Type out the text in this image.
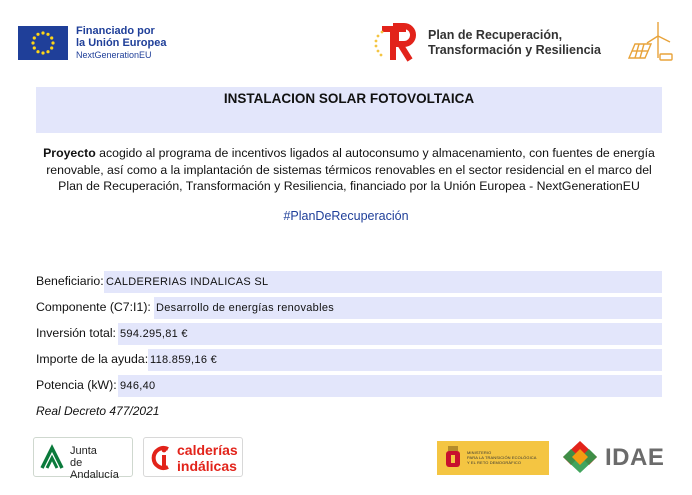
Financiado por
la Unión Europea
NextGenerationEU
Plan de Recuperación,
Transformación y Resiliencia
INSTALACION SOLAR FOTOVOLTAICA
Proyecto acogido al programa de incentivos ligados al autoconsumo y almacenamiento, con fuentes de energía
renovable, así como a la implantación de sistemas térmicos renovables en el sector residencial en el marco del
Plan de Recuperación, Transformación y Resiliencia, financiado por la Unión Europea - NextGenerationEU
#PlanDeRecuperación
Beneficiario: CALDERERIAS INDALICAS SL
Componente (C7:I1): Desarrollo de energías renovables
Inversión total: 594.295,81 €
Importe de la ayuda: 118.859,16 €
Potencia (kW): 946,40
Real Decreto 477/2021
Junta
de Andalucía
calderías
indálicas
MINISTERIO
PARA LA TRANSICIÓN ECOLÓGICA
Y EL RETO DEMOGRÁFICO	IDAE
